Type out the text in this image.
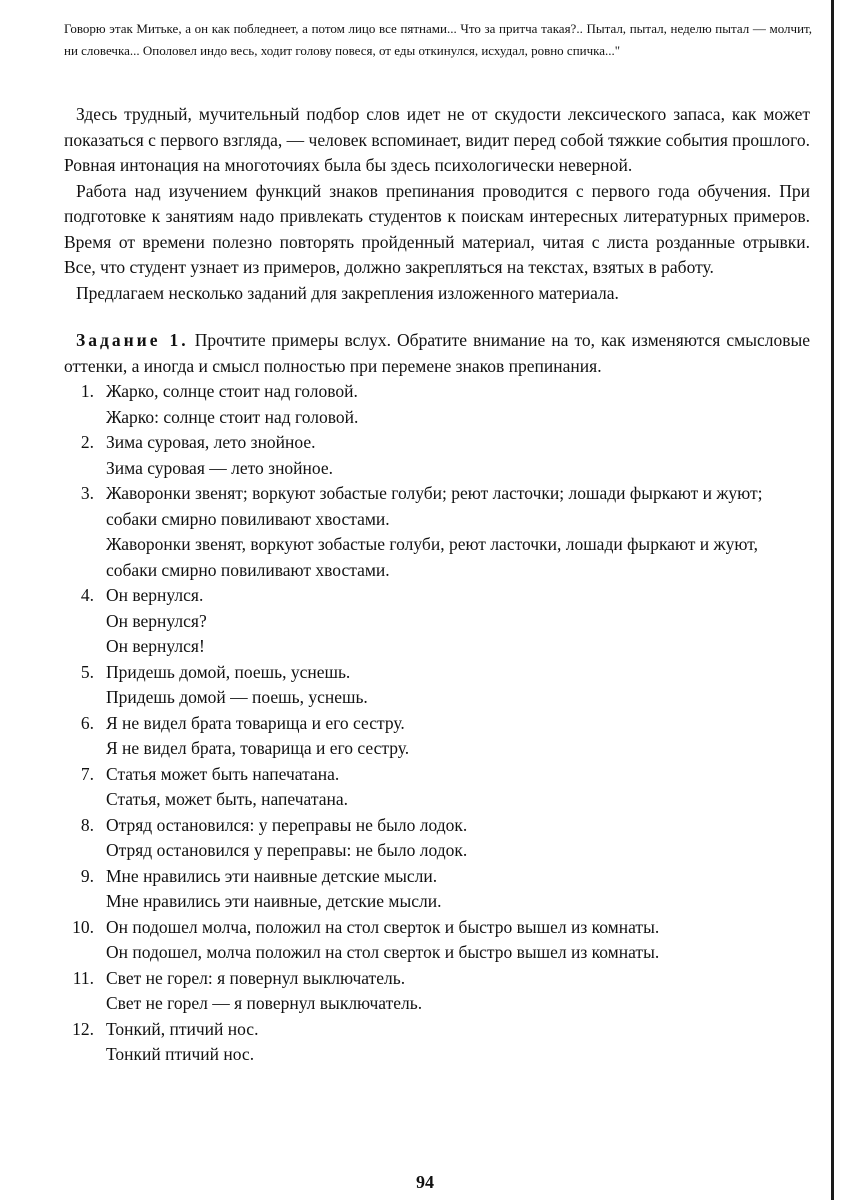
Говорю этак Митьке, а он как побледнеет, а потом лицо все пятнами... Что за притча такая?.. Пытал, пытал, неделю пытал — молчит, ни словечка... Ополовел индо весь, ходит голову повеся, от еды откинулся, исхудал, ровно спичка..."

Здесь трудный, мучительный подбор слов идет не от скудости лексического запаса, как может показаться с первого взгляда, — человек вспоминает, видит перед собой тяжкие события прошлого. Ровная интонация на многоточиях была бы здесь психологически неверной.

Работа над изучением функций знаков препинания проводится с первого года обучения. При подготовке к занятиям надо привлекать студентов к поискам интересных литературных примеров. Время от времени полезно повторять пройденный материал, читая с листа розданные отрывки. Все, что студент узнает из примеров, должно закрепляться на текстах, взятых в работу.

Предлагаем несколько заданий для закрепления изложенного материала.

Задание 1. Прочтите примеры вслух. Обратите внимание на то, как изменяются смысловые оттенки, а иногда и смысл полностью при перемене знаков препинания.

1. Жарко, солнце стоит над головой.
Жарко: солнце стоит над головой.
2. Зима суровая, лето знойное.
Зима суровая — лето знойное.
3. Жаворонки звенят; воркуют зобастые голуби; реют ласточки; лошади фыркают и жуют; собаки смирно повиливают хвостами.
Жаворонки звенят, воркуют зобастые голуби, реют ласточки, лошади фыркают и жуют, собаки смирно повиливают хвостами.
4. Он вернулся.
Он вернулся?
Он вернулся!
5. Придешь домой, поешь, уснешь.
Придешь домой — поешь, уснешь.
6. Я не видел брата товарища и его сестру.
Я не видел брата, товарища и его сестру.
7. Статья может быть напечатана.
Статья, может быть, напечатана.
8. Отряд остановился: у переправы не было лодок.
Отряд остановился у переправы: не было лодок.
9. Мне нравились эти наивные детские мысли.
Мне нравились эти наивные, детские мысли.
10. Он подошел молча, положил на стол сверток и быстро вышел из комнаты.
Он подошел, молча положил на стол сверток и быстро вышел из комнаты.
11. Свет не горел: я повернул выключатель.
Свет не горел — я повернул выключатель.
12. Тонкий, птичий нос.
Тонкий птичий нос.
94
